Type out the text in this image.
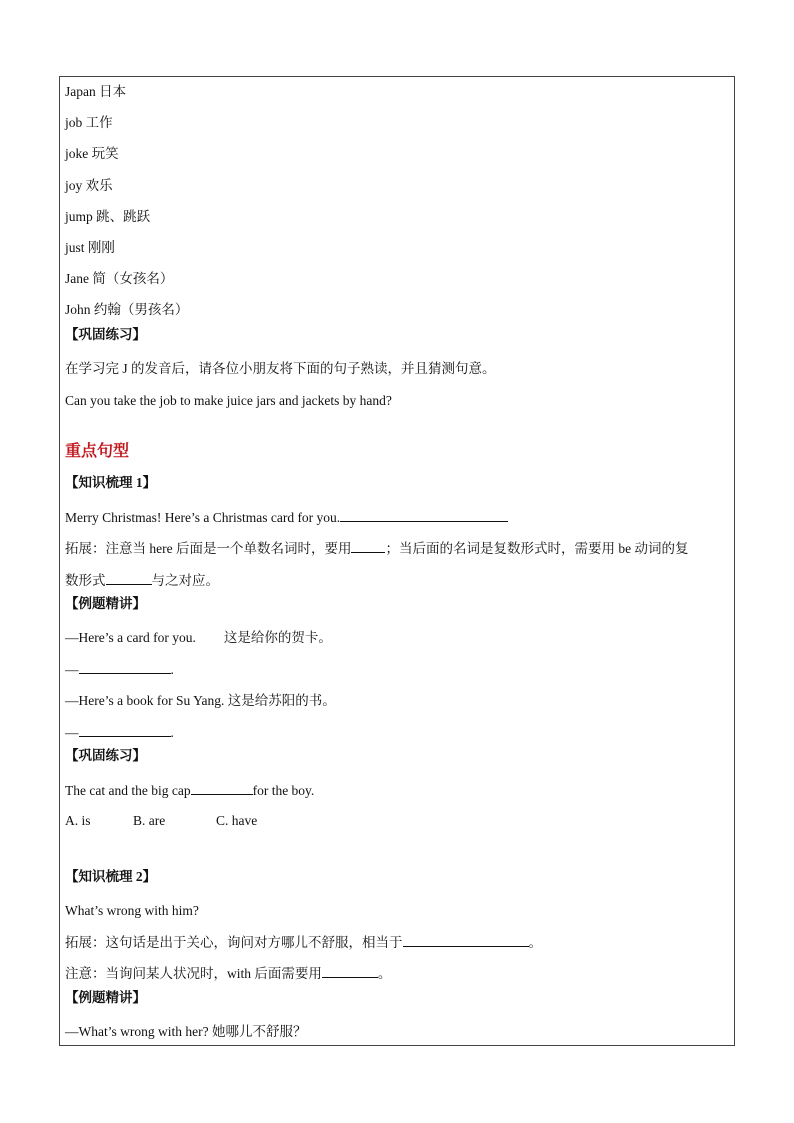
Japan 日本
job 工作
joke 玩笑
joy 欢乐
jump 跳、跳跃
just 刚刚
Jane 简（女孩名）
John 约翰（男孩名）
【巩固练习】
在学习完 J 的发音后，请各位小朋友将下面的句子熟读，并且猜测句意。
Can you take the job to make juice jars and jackets by hand?
重点句型
【知识梳理 1】
Merry Christmas! Here’s a Christmas card for you.
拓展：注意当 here 后面是一个单数名词时，要用	；当后面的名词是复数形式时，需要用 be 动词的复
数形式	与之对应。
【例题精讲】
—Here’s a card for you. 这是给你的贺卡。
—	.
—Here’s a book for Su Yang. 这是给苏阳的书。
—	.
【巩固练习】
The cat and the big cap	for the boy.
A. is	B. are	C. have
【知识梳理 2】
What’s wrong with him?
拓展：这句话是出于关心，询问对方哪儿不舒服，相当于	。
注意：当询问某人状况时，with 后面需要用	。
【例题精讲】
—What’s wrong with her? 她哪儿不舒服？
